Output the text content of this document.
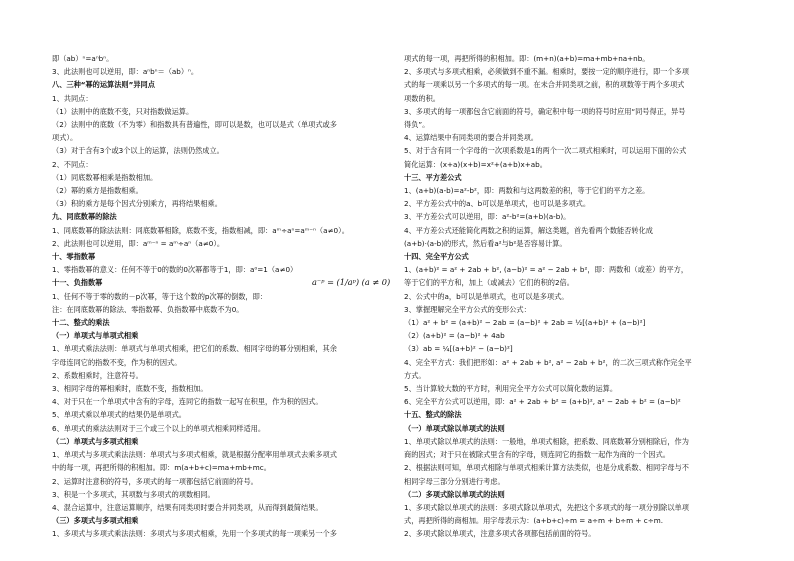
即（ab）ⁿ=aⁿbⁿ。
3、此法则也可以逆用，即：aⁿbⁿ＝（ab）ⁿ。
八、三种“幂的运算法则”异同点
1、共同点：
（1）法则中的底数不变，只对指数做运算。
（2）法则中的底数（不为零）和指数具有普遍性，即可以是数，也可以是式（单项式或多
项式）。
（3）对于含有3个或3个以上的运算，法则仍然成立。
2、不同点：
（1）同底数幂相乘是指数相加。
（2）幂的乘方是指数相乘。
（3）积的乘方是每个因式分别乘方，再将结果相乘。
九、同底数幂的除法
1、同底数幂的除法法则：同底数幂相除，底数不变，指数相减，即：aᵐ÷aⁿ=aᵐ⁻ⁿ（a≠0）。
2、此法则也可以逆用，即：aᵐ⁻ⁿ = aᵐ÷aⁿ（a≠0）。
十、零指数幂
1、零指数幂的意义：任何不等于0的数的0次幂都等于1，即：a⁰=1（a≠0）
十一、负指数幂
1、任何不等于零的数的－p次幂，等于这个数的p次幂的倒数，即：
注：在同底数幂的除法、零指数幂、负指数幂中底数不为0。
十二、整式的乘法
（一）单项式与单项式相乘
1、单项式乘法法则：单项式与单项式相乘，把它们的系数、相同字母的幂分别相乘，其余
字母连同它的指数不变，作为积的因式。
2、系数相乘时，注意符号。
3、相同字母的幂相乘时，底数不变，指数相加。
4、对于只在一个单项式中含有的字母，连同它的指数一起写在积里，作为积的因式。
5、单项式乘以单项式的结果仍是单项式。
6、单项式的乘法法则对于三个或三个以上的单项式相乘同样适用。
（二）单项式与多项式相乘
1、单项式与多项式乘法法则：单项式与多项式相乘，就是根据分配率用单项式去乘多项式
中的每一项，再把所得的积相加。即：m(a+b+c)=ma+mb+mc。
2、运算时注意积的符号，多项式的每一项都包括它前面的符号。
3、积是一个多项式，其项数与多项式的项数相同。
4、混合运算中，注意运算顺序，结果有同类项时要合并同类项，从而得到最简结果。
（三）多项式与多项式相乘
1、多项式与多项式乘法法则：多项式与多项式相乘，先用一个多项式的每一项乘另一个多
项式的每一项，再把所得的积相加。即：(m+n)(a+b)=ma+mb+na+nb。
2、多项式与多项式相乘，必须做到不重不漏。相乘时，要按一定的顺序进行，即一个多项
式的每一项乘以另一个多项式的每一项。在未合并同类项之前，积的项数等于两个多项式
项数的积。
3、多项式的每一项都包含它前面的符号，确定积中每一项的符号时应用“同号得正，异号
得负”。
4、运算结果中有同类项的要合并同类项。
5、对于含有同一个字母的一次项系数是1的两个一次二项式相乘时，可以运用下面的公式
简化运算：(x+a)(x+b)=x²+(a+b)x+ab。
十三、平方差公式
1、(a+b)(a-b)=a²-b²，即：两数和与这两数差的积，等于它们的平方之差。
2、平方差公式中的a、b可以是单项式，也可以是多项式。
3、平方差公式可以逆用，即：a²-b²=(a+b)(a-b)。
4、平方差公式还能简化两数之积的运算，解这类题，首先看两个数能否转化成
(a+b)·(a-b)的形式，然后看a²与b²是否容易计算。
十四、完全平方公式
1、(a+b)² = a² + 2ab + b², (a−b)² = a² − 2ab + b²，即：两数和（或差）的平方，
等于它们的平方和，加上（或减去）它们的积的2倍。
2、公式中的a，b可以是单项式，也可以是多项式。
3、掌握理解完全平方公式的变形公式：
（1）a² + b² = (a+b)² − 2ab = (a−b)² + 2ab = ½[(a+b)² + (a−b)²]
（2）(a+b)² = (a−b)² + 4ab
（3）ab = ¼[(a+b)² − (a−b)²]
4、完全平方式：我们把形如：a² + 2ab + b², a² − 2ab + b²，的二次三项式称作完全平
方式。
5、当计算较大数的平方时，利用完全平方公式可以简化数的运算。
6、完全平方公式可以逆用，即：a² + 2ab + b² = (a+b)², a² − 2ab + b² = (a−b)²
十五、整式的除法
（一）单项式除以单项式的法则
1、单项式除以单项式的法则：一般地，单项式相除，把系数、同底数幂分别相除后，作为
商的因式；对于只在被除式里含有的字母，则连同它的指数一起作为商的一个因式。
2、根据法则可知，单项式相除与单项式相乘计算方法类似，也是分成系数、相同字母与不
相同字母三部分分别进行考虑。
（二）多项式除以单项式的法则
1、多项式除以单项式的法则：多项式除以单项式，先把这个多项式的每一项分别除以单项
式，再把所得的商相加。用字母表示为：(a+b+c)÷m = a÷m + b÷m + c÷m.
2、多项式除以单项式，注意多项式各项都包括前面的符号。
a⁻ᵖ = (1/aᵖ) (a ≠ 0)
